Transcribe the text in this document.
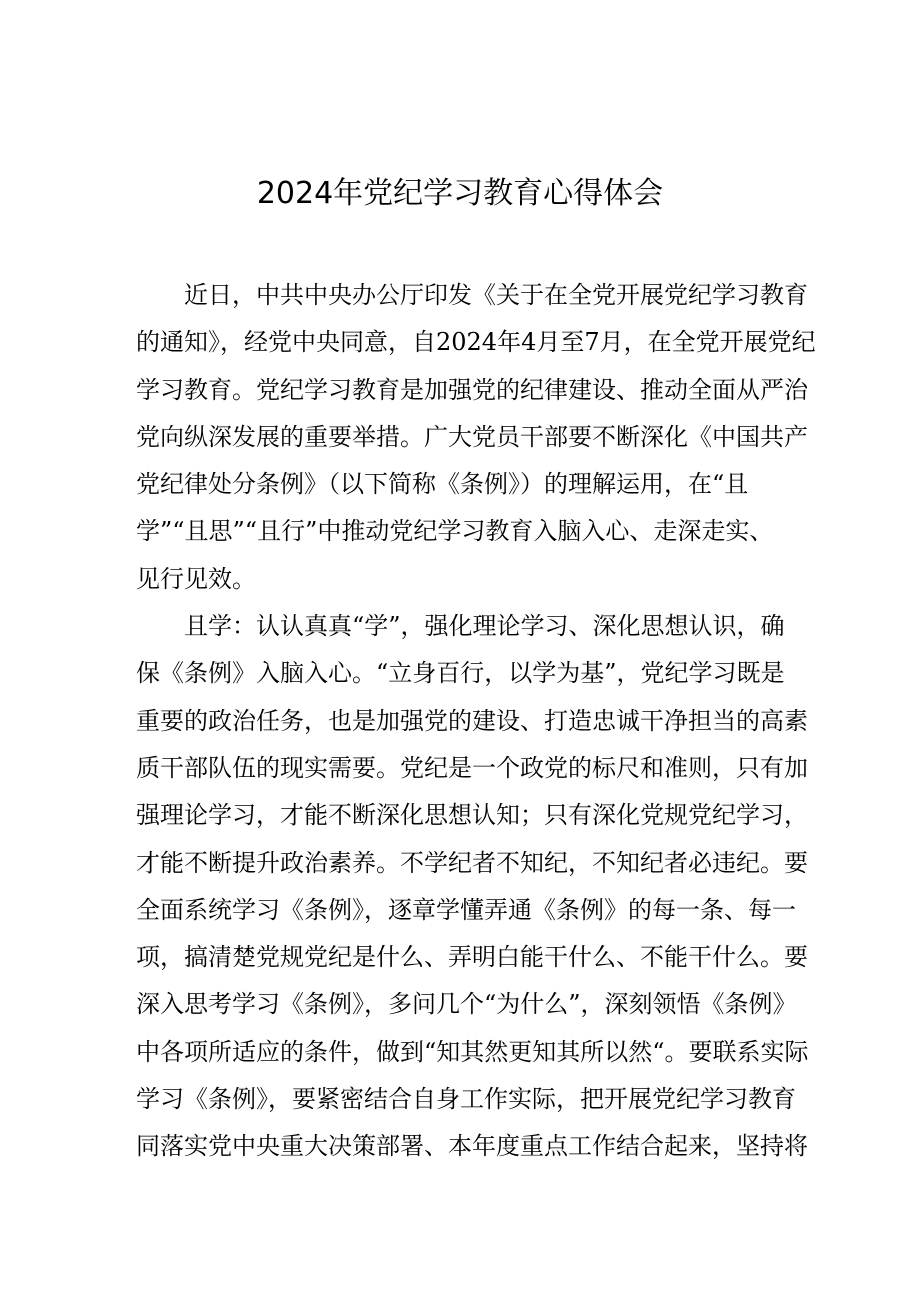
2024年党纪学习教育心得体会
近日，中共中央办公厅印发《关于在全党开展党纪学习教育
的通知》，经党中央同意，自2024年4月至7月，在全党开展党纪
学习教育。党纪学习教育是加强党的纪律建设、推动全面从严治
党向纵深发展的重要举措。广大党员干部要不断深化《中国共产
党纪律处分条例》（以下简称《条例》）的理解运用，在“且
学”“且思”“且行”中推动党纪学习教育入脑入心、走深走实、
见行见效。
且学：认认真真“学”，强化理论学习、深化思想认识，确
保《条例》入脑入心。“立身百行，以学为基”，党纪学习既是
重要的政治任务，也是加强党的建设、打造忠诚干净担当的高素
质干部队伍的现实需要。党纪是一个政党的标尺和准则，只有加
强理论学习，才能不断深化思想认知；只有深化党规党纪学习，
才能不断提升政治素养。不学纪者不知纪，不知纪者必违纪。要
全面系统学习《条例》，逐章学懂弄通《条例》的每一条、每一
项，搞清楚党规党纪是什么、弄明白能干什么、不能干什么。要
深入思考学习《条例》，多问几个“为什么”，深刻领悟《条例》
中各项所适应的条件，做到“知其然更知其所以然“。要联系实际
学习《条例》，要紧密结合自身工作实际，把开展党纪学习教育
同落实党中央重大决策部署、本年度重点工作结合起来，坚持将
